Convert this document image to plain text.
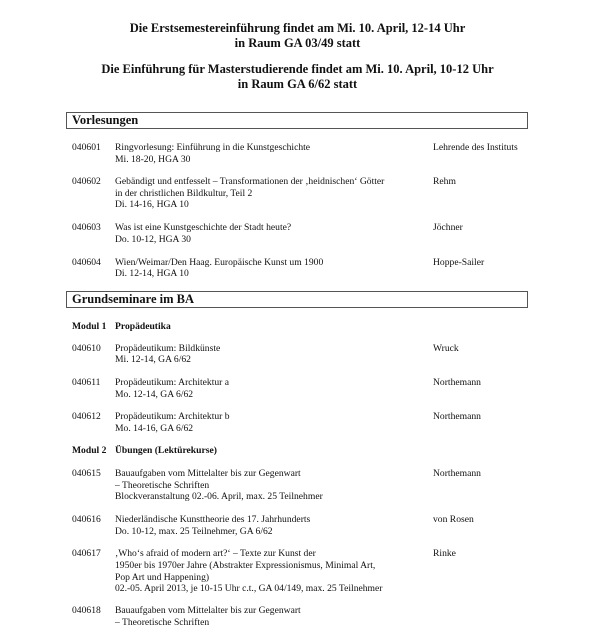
Die Erstsemestereinführung findet am Mi. 10. April, 12-14 Uhr
in Raum GA 03/49 statt
Die Einführung für Masterstudierende findet am Mi. 10. April, 10-12 Uhr
in Raum GA 6/62 statt
Vorlesungen
040601 Ringvorlesung: Einführung in die Kunstgeschichte
Mi. 18-20, HGA 30
Lehrende des Instituts
040602 Gebändigt und entfesselt – Transformationen der ‚heidnischen‘ Götter
in der christlichen Bildkultur, Teil 2
Di. 14-16, HGA 10
Rehm
040603 Was ist eine Kunstgeschichte der Stadt heute?
Do. 10-12, HGA 30
Jöchner
040604 Wien/Weimar/Den Haag. Europäische Kunst um 1900
Di. 12-14, HGA 10
Hoppe-Sailer
Grundseminare im BA
Modul 1 Propädeutika
040610 Propädeutikum: Bildkünste
Mi. 12-14, GA 6/62
Wruck
040611 Propädeutikum: Architektur a
Mo. 12-14, GA 6/62
Northemann
040612 Propädeutikum: Architektur b
Mo. 14-16, GA 6/62
Northemann
Modul 2 Übungen (Lektürekurse)
040615 Bauaufgaben vom Mittelalter bis zur Gegenwart
– Theoretische Schriften
Blockveranstaltung 02.-06. April, max. 25 Teilnehmer
Northemann
040616 Niederländische Kunsttheorie des 17. Jahrhunderts
Do. 10-12, max. 25 Teilnehmer, GA 6/62
von Rosen
040617 ‚Who‘s afraid of modern art?‘ – Texte zur Kunst der
1950er bis 1970er Jahre (Abstrakter Expressionismus, Minimal Art,
Pop Art und Happening)
02.-05. April 2013, je 10-15 Uhr c.t., GA 04/149, max. 25 Teilnehmer
Rinke
040618 Bauaufgaben vom Mittelalter bis zur Gegenwart
– Theoretische Schriften
